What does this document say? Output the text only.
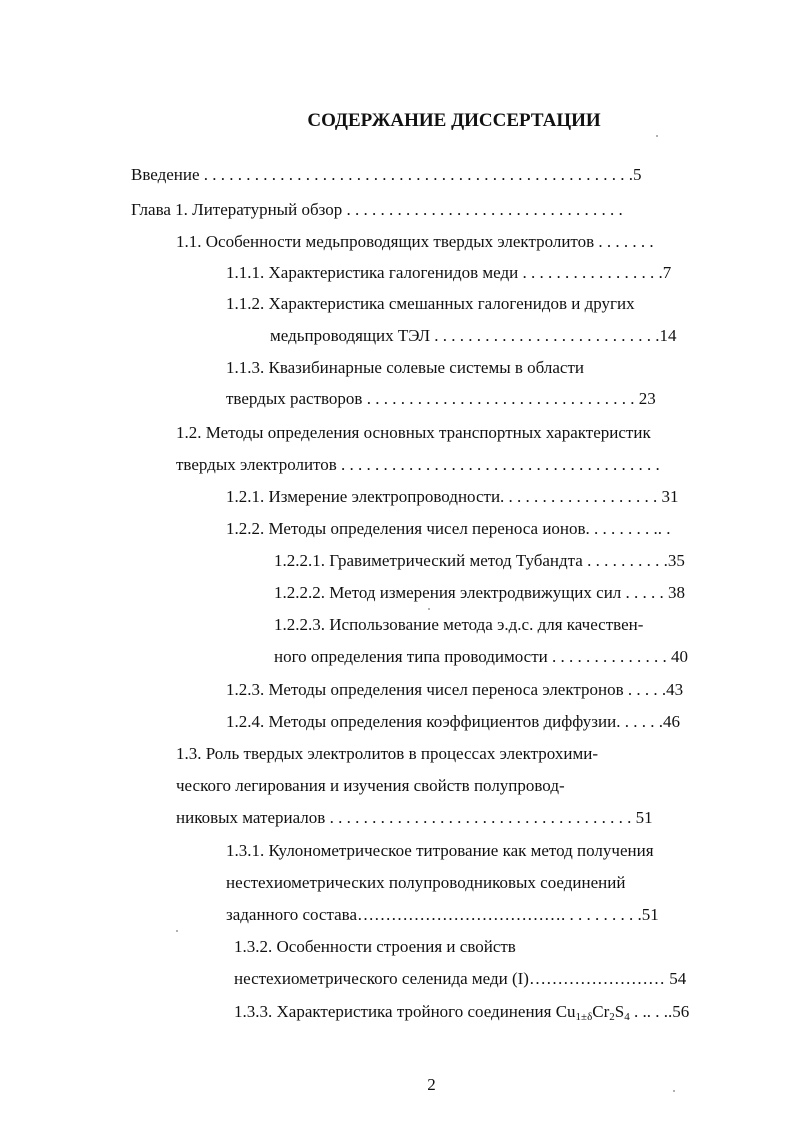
СОДЕРЖАНИЕ ДИССЕРТАЦИИ
Введение . . . . . . . . . . . . . . . . . . . . . . . . . . . . . . . . . . . . . . . . . . . . . . . . . . .5
Глава 1. Литературный обзор . . . . . . . . . . . . . . . . . . . . . . . . . . . . . . . . .
1.1. Особенности медьпроводящих твердых электролитов . . . . . . .
1.1.1. Характеристика галогенидов меди . . . . . . . . . . . . . . . . .7
1.1.2. Характеристика смешанных галогенидов и других
медьпроводящих ТЭЛ . . . . . . . . . . . . . . . . . . . . . . . . . . .14
1.1.3. Квазибинарные солевые системы в области
твердых растворов . . . . . . . . . . . . . . . . . . . . . . . . . . . . . . . . 23
1.2. Методы определения основных транспортных характеристик
твердых электролитов . . . . . . . . . . . . . . . . . . . . . . . . . . . . . . . . . . . . . .
1.2.1. Измерение электропроводности. . . . . . . . . . . . . . . . . . . 31
1.2.2. Методы определения чисел переноса ионов. . . . . . . . .. .
1.2.2.1. Гравиметрический метод Тубандта . . . . . . . . . .35
1.2.2.2. Метод измерения электродвижущих сил . . . . . 38
1.2.2.3. Использование метода э.д.с. для качествен-
ного определения типа проводимости . . . . . . . . . . . . . . 40
1.2.3. Методы определения чисел переноса электронов . . . . .43
1.2.4. Методы определения коэффициентов диффузии. . . . . .46
1.3. Роль твердых электролитов в процессах электрохими-
ческого легирования и изучения свойств полупровод-
никовых материалов . . . . . . . . . . . . . . . . . . . . . . . . . . . . . . . . . . . . 51
1.3.1. Кулонометрическое титрование как метод получения
нестехиометрических полупроводниковых соединений
заданного состава………………………………. . . . . . . . . .51
1.3.2. Особенности строения и свойств
нестехиометрического селенида меди (I)…………………… 54
1.3.3. Характеристика тройного соединения $Cu_{1\pm\delta}Cr_2S_4$ . .. . ..56
2
